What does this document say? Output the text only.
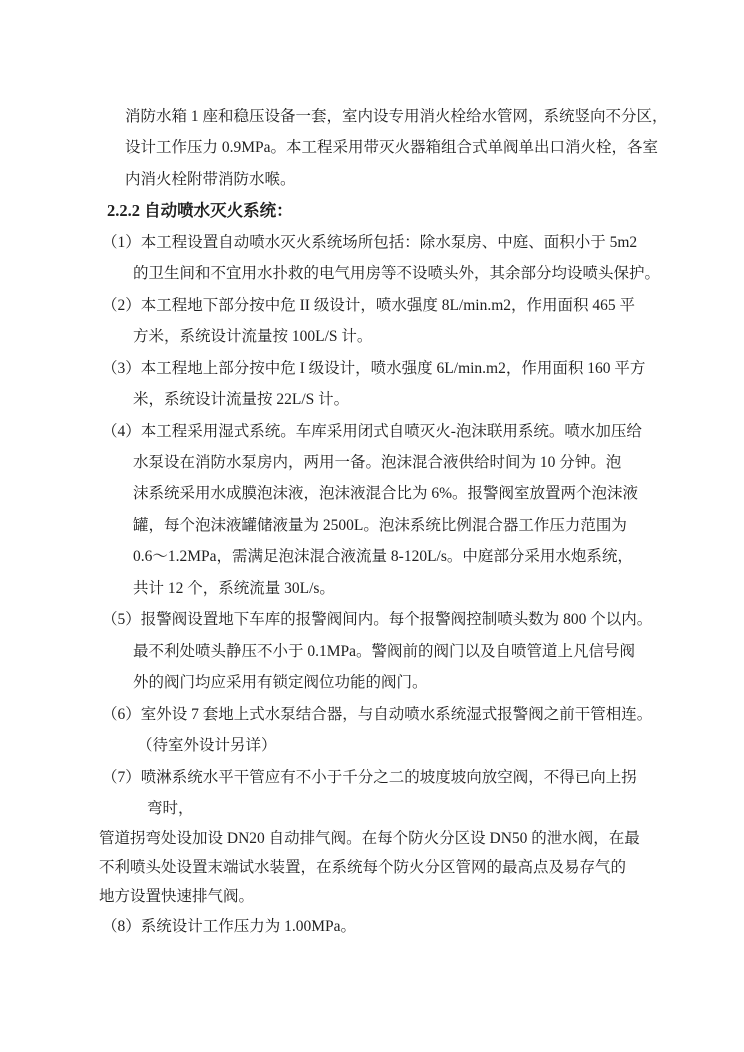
消防水箱 1 座和稳压设备一套，室内设专用消火栓给水管网，系统竖向不分区，
设计工作压力 0.9MPa。本工程采用带灭火器箱组合式单阀单出口消火栓，各室
内消火栓附带消防水喉。
2.2.2 自动喷水灭火系统：
（1）本工程设置自动喷水灭火系统场所包括：除水泵房、中庭、面积小于 5m2
的卫生间和不宜用水扑救的电气用房等不设喷头外，其余部分均设喷头保护。
（2）本工程地下部分按中危 II 级设计，喷水强度 8L/min.m2，作用面积 465 平
方米，系统设计流量按 100L/S 计。
（3）本工程地上部分按中危 I 级设计，喷水强度 6L/min.m2，作用面积 160 平方
米，系统设计流量按 22L/S 计。
（4）本工程采用湿式系统。车库采用闭式自喷灭火-泡沫联用系统。喷水加压给
水泵设在消防水泵房内，两用一备。泡沫混合液供给时间为 10 分钟。泡
沫系统采用水成膜泡沫液，泡沫液混合比为 6%。报警阀室放置两个泡沫液
罐，每个泡沫液罐储液量为 2500L。泡沫系统比例混合器工作压力范围为
0.6～1.2MPa，需满足泡沫混合液流量 8-120L/s。中庭部分采用水炮系统，
共计 12 个，系统流量 30L/s。
（5）报警阀设置地下车库的报警阀间内。每个报警阀控制喷头数为 800 个以内。
最不利处喷头静压不小于 0.1MPa。警阀前的阀门以及自喷管道上凡信号阀
外的阀门均应采用有锁定阀位功能的阀门。
（6）室外设 7 套地上式水泵结合器，与自动喷水系统湿式报警阀之前干管相连。
（待室外设计另详）
（7）喷淋系统水平干管应有不小于千分之二的坡度坡向放空阀，不得已向上拐
弯时，
管道拐弯处设加设 DN20 自动排气阀。在每个防火分区设 DN50 的泄水阀，在最
不利喷头处设置末端试水装置，在系统每个防火分区管网的最高点及易存气的
地方设置快速排气阀。
（8）系统设计工作压力为 1.00MPa。
